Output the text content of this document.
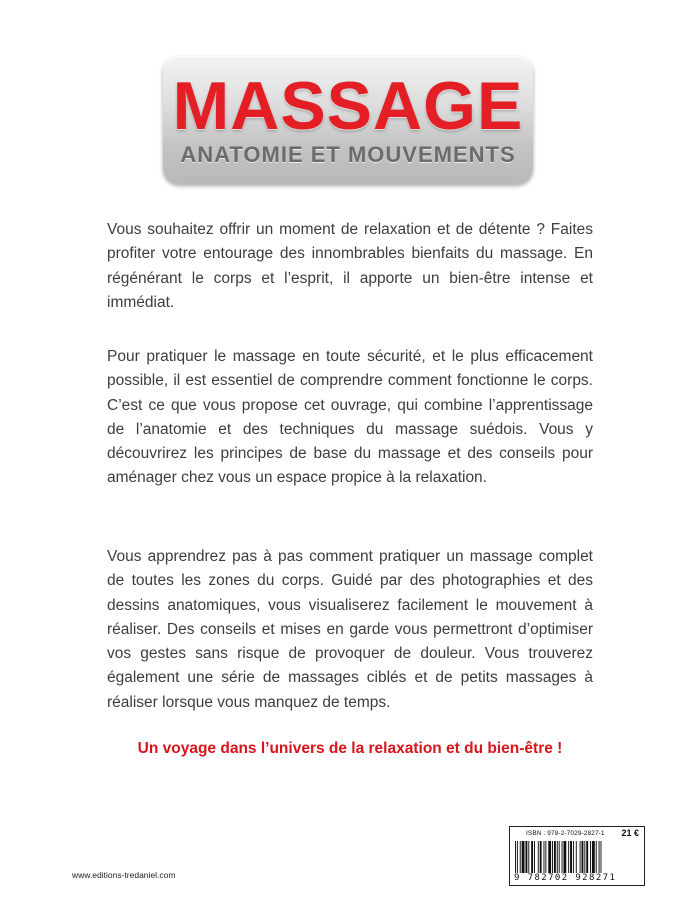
MASSAGE
ANATOMIE ET MOUVEMENTS
Vous souhaitez offrir un moment de relaxation et de détente ? Faites profiter votre entourage des innombrables bienfaits du massage. En régénérant le corps et l’esprit, il apporte un bien-être intense et immédiat.
Pour pratiquer le massage en toute sécurité, et le plus efficacement possible, il est essentiel de comprendre comment fonctionne le corps. C’est ce que vous propose cet ouvrage, qui combine l’apprentissage de l’anatomie et des techniques du massage suédois. Vous y découvrirez les principes de base du massage et des conseils pour aménager chez vous un espace propice à la relaxation.
Vous apprendrez pas à pas comment pratiquer un massage complet de toutes les zones du corps. Guidé par des photographies et des dessins anatomiques, vous visualiserez facilement le mouvement à réaliser. Des conseils et mises en garde vous permettront d’optimiser vos gestes sans risque de provoquer de douleur. Vous trouverez également une série de massages ciblés et de petits massages à réaliser lorsque vous manquez de temps.
Un voyage dans l’univers de la relaxation et du bien-être !
www.editions-tredaniel.com
ISBN : 978-2-7029-2827-1 21 €
9 782702 928271
